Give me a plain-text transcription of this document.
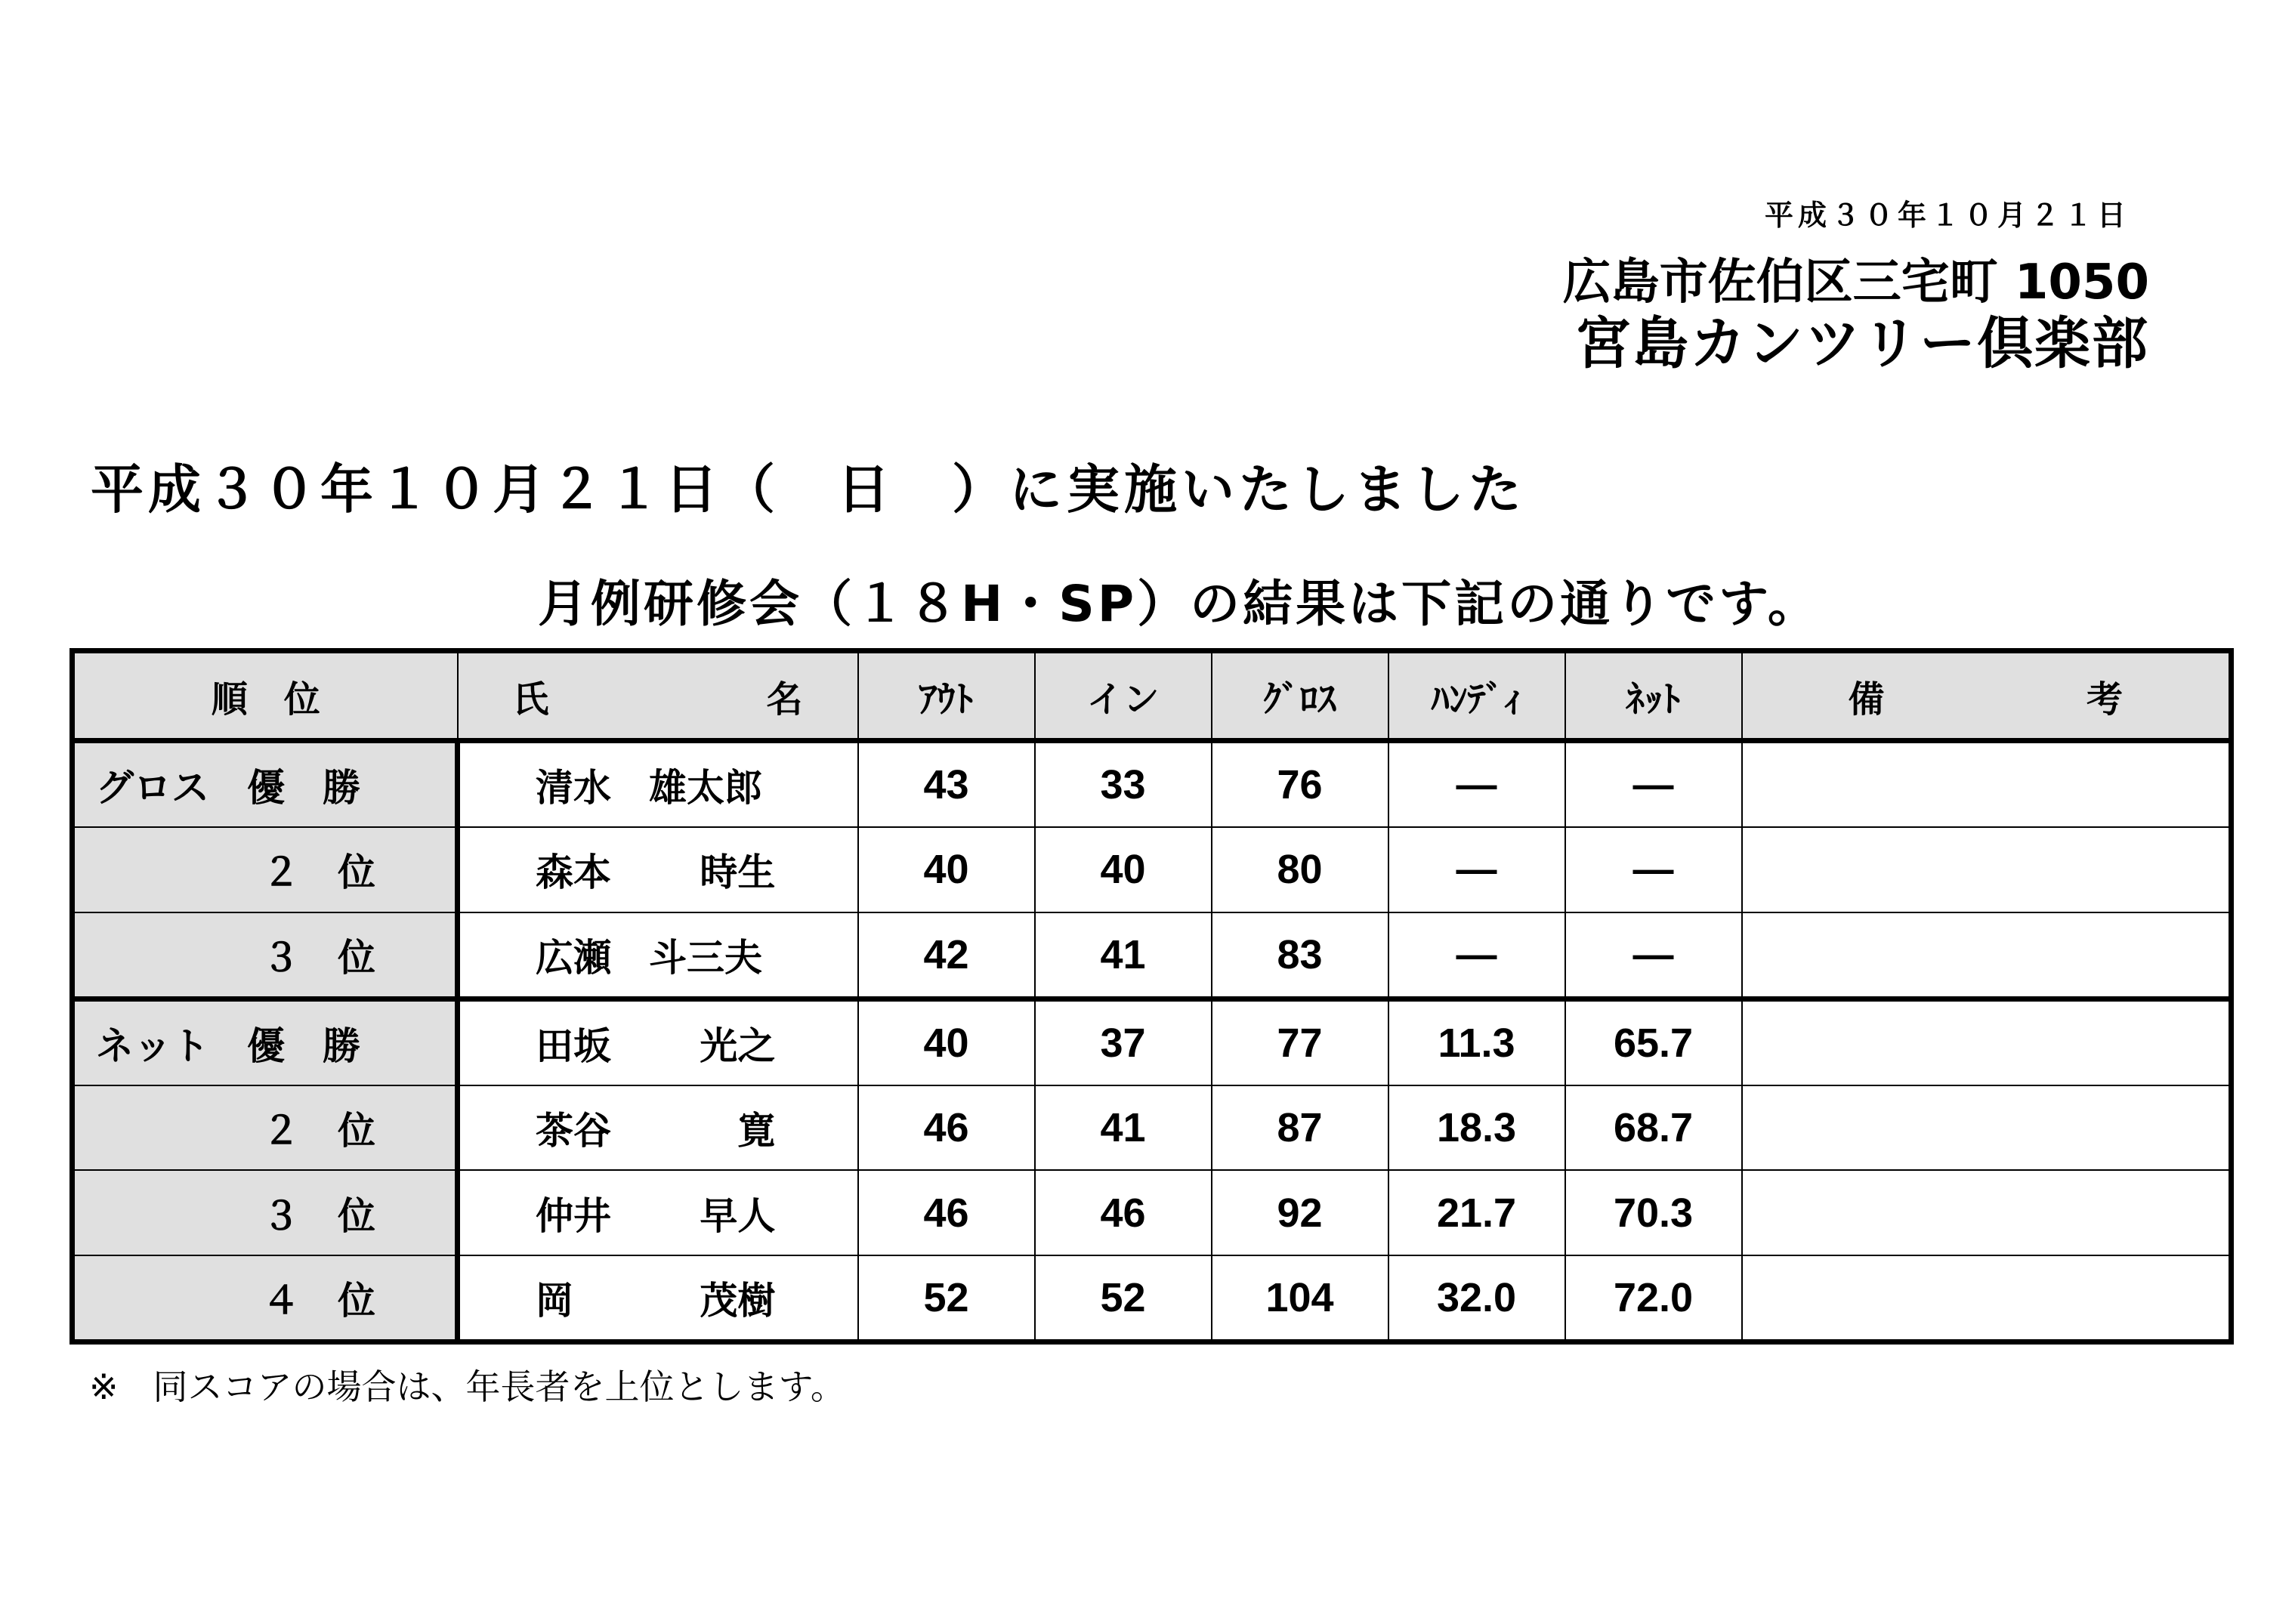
平成３０年１０月２１日
広島市佐伯区三宅町 1050
宮島カンツリー倶楽部
平成３０年１０月２１日（　日　）に実施いたしました
月例研修会（１８H・SP）の結果は下記の通りです。
順　位	氏 名	ｱｳﾄ	イン	ｸﾞﾛｽ	ﾊﾝﾃﾞｨ	ﾈｯﾄ	備 考

グロス　優　勝	清水　雄太郎	43	33	76	—	—	
２　位	森本　　 時生	40	40	80	—	—	
３　位	広瀬　斗三夫	42	41	83	—	—	
ネット　優　勝	田坂　　 光之	40	37	77	11.3	65.7	
２　位	茶谷　　　 寛	46	41	87	18.3	68.7	
３　位	仲井　　 早人	46	46	92	21.7	70.3	
４　位	岡　　　 茂樹	52	52	104	32.0	72.0	
※　同スコアの場合は、年長者を上位とします。
